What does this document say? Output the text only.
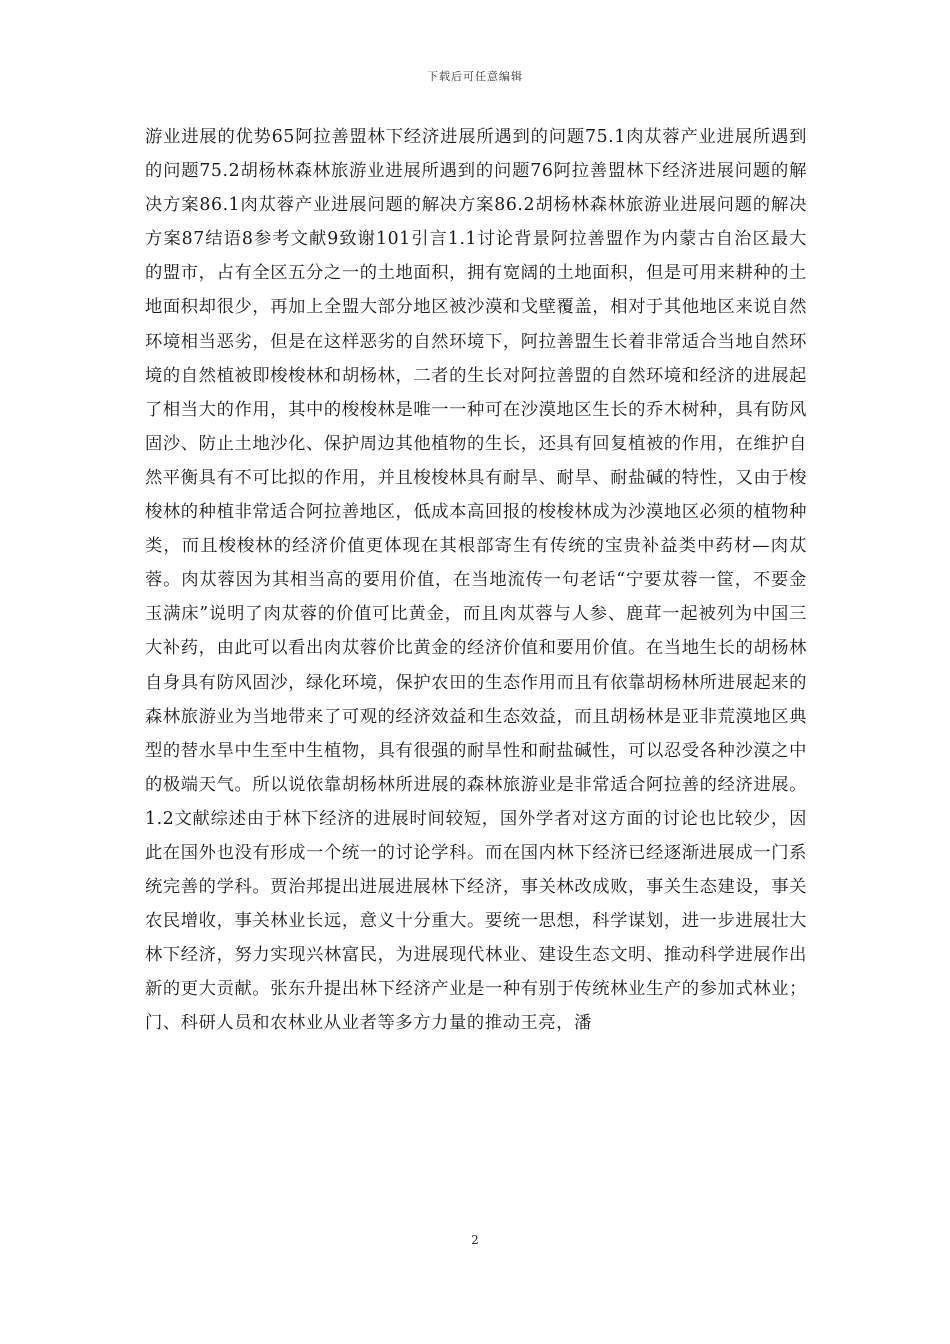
下载后可任意编辑

游业进展的优势65阿拉善盟林下经济进展所遇到的问题75.1肉苁蓉产业进展所遇到的问题75.2胡杨林森林旅游业进展所遇到的问题76阿拉善盟林下经济进展问题的解决方案86.1肉苁蓉产业进展问题的解决方案86.2胡杨林森林旅游业进展问题的解决方案87结语8参考文献9致谢101引言1.1讨论背景阿拉善盟作为内蒙古自治区最大的盟市，占有全区五分之一的土地面积，拥有宽阔的土地面积，但是可用来耕种的土地面积却很少，再加上全盟大部分地区被沙漠和戈壁覆盖，相对于其他地区来说自然环境相当恶劣，但是在这样恶劣的自然环境下，阿拉善盟生长着非常适合当地自然环境的自然植被即梭梭林和胡杨林，二者的生长对阿拉善盟的自然环境和经济的进展起了相当大的作用，其中的梭梭林是唯一一种可在沙漠地区生长的乔木树种，具有防风固沙、防止土地沙化、保护周边其他植物的生长，还具有回复植被的作用，在维护自然平衡具有不可比拟的作用，并且梭梭林具有耐旱、耐旱、耐盐碱的特性，又由于梭梭林的种植非常适合阿拉善地区，低成本高回报的梭梭林成为沙漠地区必须的植物种类，而且梭梭林的经济价值更体现在其根部寄生有传统的宝贵补益类中药材—肉苁蓉。肉苁蓉因为其相当高的要用价值，在当地流传一句老话“宁要苁蓉一筐，不要金玉满床”说明了肉苁蓉的价值可比黄金，而且肉苁蓉与人参、鹿茸一起被列为中国三大补药，由此可以看出肉苁蓉价比黄金的经济价值和要用价值。在当地生长的胡杨林自身具有防风固沙，绿化环境，保护农田的生态作用而且有依靠胡杨林所进展起来的森林旅游业为当地带来了可观的经济效益和生态效益，而且胡杨林是亚非荒漠地区典型的替水旱中生至中生植物，具有很强的耐旱性和耐盐碱性，可以忍受各种沙漠之中的极端天气。所以说依靠胡杨林所进展的森林旅游业是非常适合阿拉善的经济进展。1.2文献综述由于林下经济的进展时间较短，国外学者对这方面的讨论也比较少，因此在国外也没有形成一个统一的讨论学科。而在国内林下经济已经逐渐进展成一门系统完善的学科。贾治邦提出进展进展林下经济，事关林改成败，事关生态建设，事关农民增收，事关林业长远，意义十分重大。要统一思想，科学谋划，进一步进展壮大林下经济，努力实现兴林富民，为进展现代林业、建设生态文明、推动科学进展作出新的更大贡献。张东升提出林下经济产业是一种有别于传统林业生产的参加式林业；门、科研人员和农林业从业者等多方力量的推动王亮，潘

2
